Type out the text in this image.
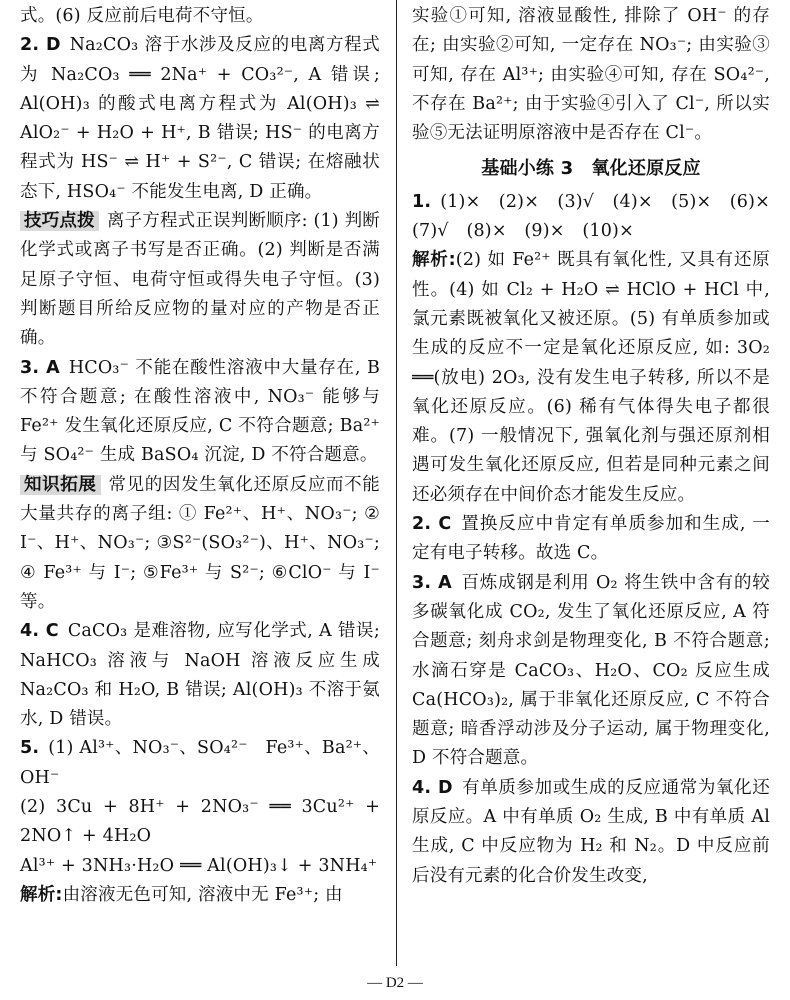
式。(6) 反应前后电荷不守恒。

2. D  Na₂CO₃ 溶于水涉及反应的电离方程式为 Na₂CO₃ ══ 2Na⁺ + CO₃²⁻, A 错误; Al(OH)₃ 的酸式电离方程式为 Al(OH)₃ ⇌ AlO₂⁻ + H₂O + H⁺, B 错误; HS⁻ 的电离方程式为 HS⁻ ⇌ H⁺ + S²⁻, C 错误; 在熔融状态下, HSO₄⁻ 不能发生电离, D 正确。

技巧点拨 离子方程式正误判断顺序: (1) 判断化学式或离子书写是否正确。(2) 判断是否满足原子守恒、电荷守恒或得失电子守恒。(3) 判断题目所给反应物的量对应的产物是否正确。

3. A  HCO₃⁻ 不能在酸性溶液中大量存在, B 不符合题意; 在酸性溶液中, NO₃⁻ 能够与 Fe²⁺ 发生氧化还原反应, C 不符合题意; Ba²⁺ 与 SO₄²⁻ 生成 BaSO₄ 沉淀, D 不符合题意。

知识拓展 常见的因发生氧化还原反应而不能大量共存的离子组: ① Fe²⁺、H⁺、NO₃⁻; ② I⁻、H⁺、NO₃⁻; ③S²⁻(SO₃²⁻)、H⁺、NO₃⁻; ④ Fe³⁺ 与 I⁻; ⑤Fe³⁺ 与 S²⁻; ⑥ClO⁻ 与 I⁻ 等。

4. C  CaCO₃ 是难溶物, 应写化学式, A 错误; NaHCO₃ 溶液与 NaOH 溶液反应生成 Na₂CO₃ 和 H₂O, B 错误; Al(OH)₃ 不溶于氨水, D 错误。

5.  (1) Al³⁺、NO₃⁻、SO₄²⁻　Fe³⁺、Ba²⁺、OH⁻

(2) 3Cu + 8H⁺ + 2NO₃⁻ ══ 3Cu²⁺ + 2NO↑ + 4H₂O

Al³⁺ + 3NH₃·H₂O ══ Al(OH)₃↓ + 3NH₄⁺

解析:由溶液无色可知, 溶液中无 Fe³⁺; 由

实验①可知, 溶液显酸性, 排除了 OH⁻ 的存在; 由实验②可知, 一定存在 NO₃⁻; 由实验③可知, 存在 Al³⁺; 由实验④可知, 存在 SO₄²⁻, 不存在 Ba²⁺; 由于实验④引入了 Cl⁻, 所以实验⑤无法证明原溶液中是否存在 Cl⁻。

基础小练 3　氧化还原反应

1.  (1)×　(2)×　(3)√　(4)×　(5)×　(6)×　(7)√　(8)×　(9)×　(10)×

解析:(2) 如 Fe²⁺ 既具有氧化性, 又具有还原性。(4) 如 Cl₂ + H₂O ⇌ HClO + HCl 中, 氯元素既被氧化又被还原。(5) 有单质参加或生成的反应不一定是氧化还原反应, 如: 3O₂ ══(放电) 2O₃, 没有发生电子转移, 所以不是氧化还原反应。(6) 稀有气体得失电子都很难。(7) 一般情况下, 强氧化剂与强还原剂相遇可发生氧化还原反应, 但若是同种元素之间还必须存在中间价态才能发生反应。

2. C  置换反应中肯定有单质参加和生成, 一定有电子转移。故选 C。

3. A  百炼成钢是利用 O₂ 将生铁中含有的较多碳氧化成 CO₂, 发生了氧化还原反应, A 符合题意; 刻舟求剑是物理变化, B 不符合题意; 水滴石穿是 CaCO₃、H₂O、CO₂ 反应生成 Ca(HCO₃)₂, 属于非氧化还原反应, C 不符合题意; 暗香浮动涉及分子运动, 属于物理变化, D 不符合题意。

4. D  有单质参加或生成的反应通常为氧化还原反应。A 中有单质 O₂ 生成, B 中有单质 Al 生成, C 中反应物为 H₂ 和 N₂。D 中反应前后没有元素的化合价发生改变,

— D2 —
